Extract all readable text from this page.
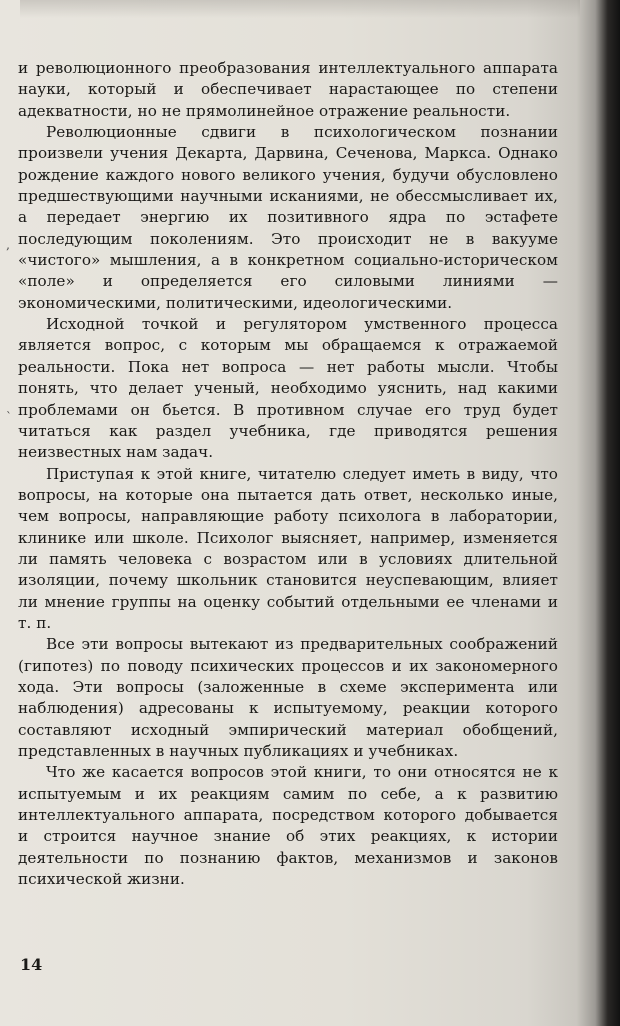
и революционного преобразования интеллектуального аппарата науки, который и обеспечивает нарастающее по степени адекватности, но не прямолинейное отражение реальности.

Революционные сдвиги в психологическом познании произвели учения Декарта, Дарвина, Сеченова, Маркса. Однако рождение каждого нового великого учения, будучи обусловлено предшествующими научными исканиями, не обессмысливает их, а передает энергию их позитивного ядра по эстафете последующим поколениям. Это происходит не в вакууме «чистого» мышления, а в конкретном социально-историческом «поле» и определяется его силовыми линиями — экономическими, политическими, идеологическими.

Исходной точкой и регулятором умственного процесса является вопрос, с которым мы обращаемся к отражаемой реальности. Пока нет вопроса — нет работы мысли. Чтобы понять, что делает ученый, необходимо уяснить, над какими проблемами он бьется. В противном случае его труд будет читаться как раздел учебника, где приводятся решения неизвестных нам задач.

Приступая к этой книге, читателю следует иметь в виду, что вопросы, на которые она пытается дать ответ, несколько иные, чем вопросы, направляющие работу психолога в лаборатории, клинике или школе. Психолог выясняет, например, изменяется ли память человека с возрастом или в условиях длительной изоляции, почему школьник становится неуспевающим, влияет ли мнение группы на оценку событий отдельными ее членами и т. п.

Все эти вопросы вытекают из предварительных соображений (гипотез) по поводу психических процессов и их закономерного хода. Эти вопросы (заложенные в схеме эксперимента или наблюдения) адресованы к испытуемому, реакции которого составляют исходный эмпирический материал обобщений, представленных в научных публикациях и учебниках.

Что же касается вопросов этой книги, то они относятся не к испытуемым и их реакциям самим по себе, а к развитию интеллектуального аппарата, посредством которого добывается и строится научное знание об этих реакциях, к истории деятельности по познанию фактов, механизмов и законов психической жизни.

‚
`
14
